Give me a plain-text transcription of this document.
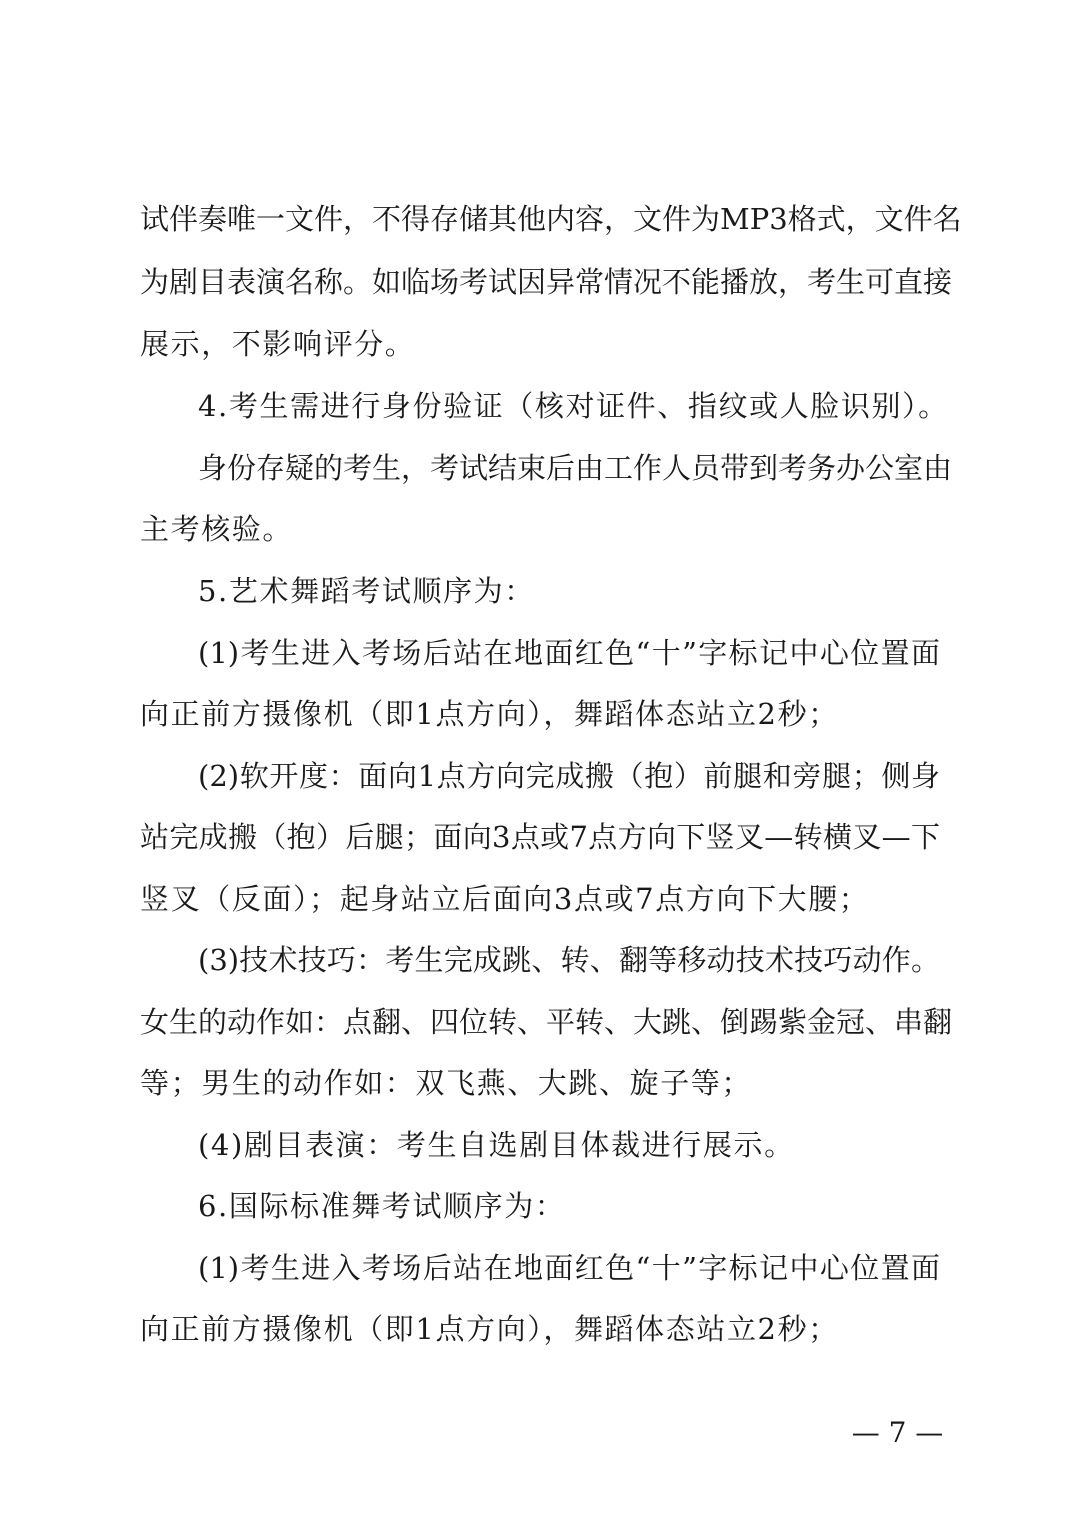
试伴奏唯一文件，不得存储其他内容，文件为MP3格式，文件名
为剧目表演名称。如临场考试因异常情况不能播放，考生可直接
展示，不影响评分。
4.考生需进行身份验证（核对证件、指纹或人脸识别）。
身份存疑的考生，考试结束后由工作人员带到考务办公室由
主考核验。
5.艺术舞蹈考试顺序为：
(1)考生进入考场后站在地面红色“十”字标记中心位置面
向正前方摄像机（即1点方向），舞蹈体态站立2秒；
(2)软开度：面向1点方向完成搬（抱）前腿和旁腿；侧身
站完成搬（抱）后腿；面向3点或7点方向下竖叉—转横叉—下
竖叉（反面）；起身站立后面向3点或7点方向下大腰；
(3)技术技巧：考生完成跳、转、翻等移动技术技巧动作。
女生的动作如：点翻、四位转、平转、大跳、倒踢紫金冠、串翻
等；男生的动作如：双飞燕、大跳、旋子等；
(4)剧目表演：考生自选剧目体裁进行展示。
6.国际标准舞考试顺序为：
(1)考生进入考场后站在地面红色“十”字标记中心位置面
向正前方摄像机（即1点方向），舞蹈体态站立2秒；
— 7 —
